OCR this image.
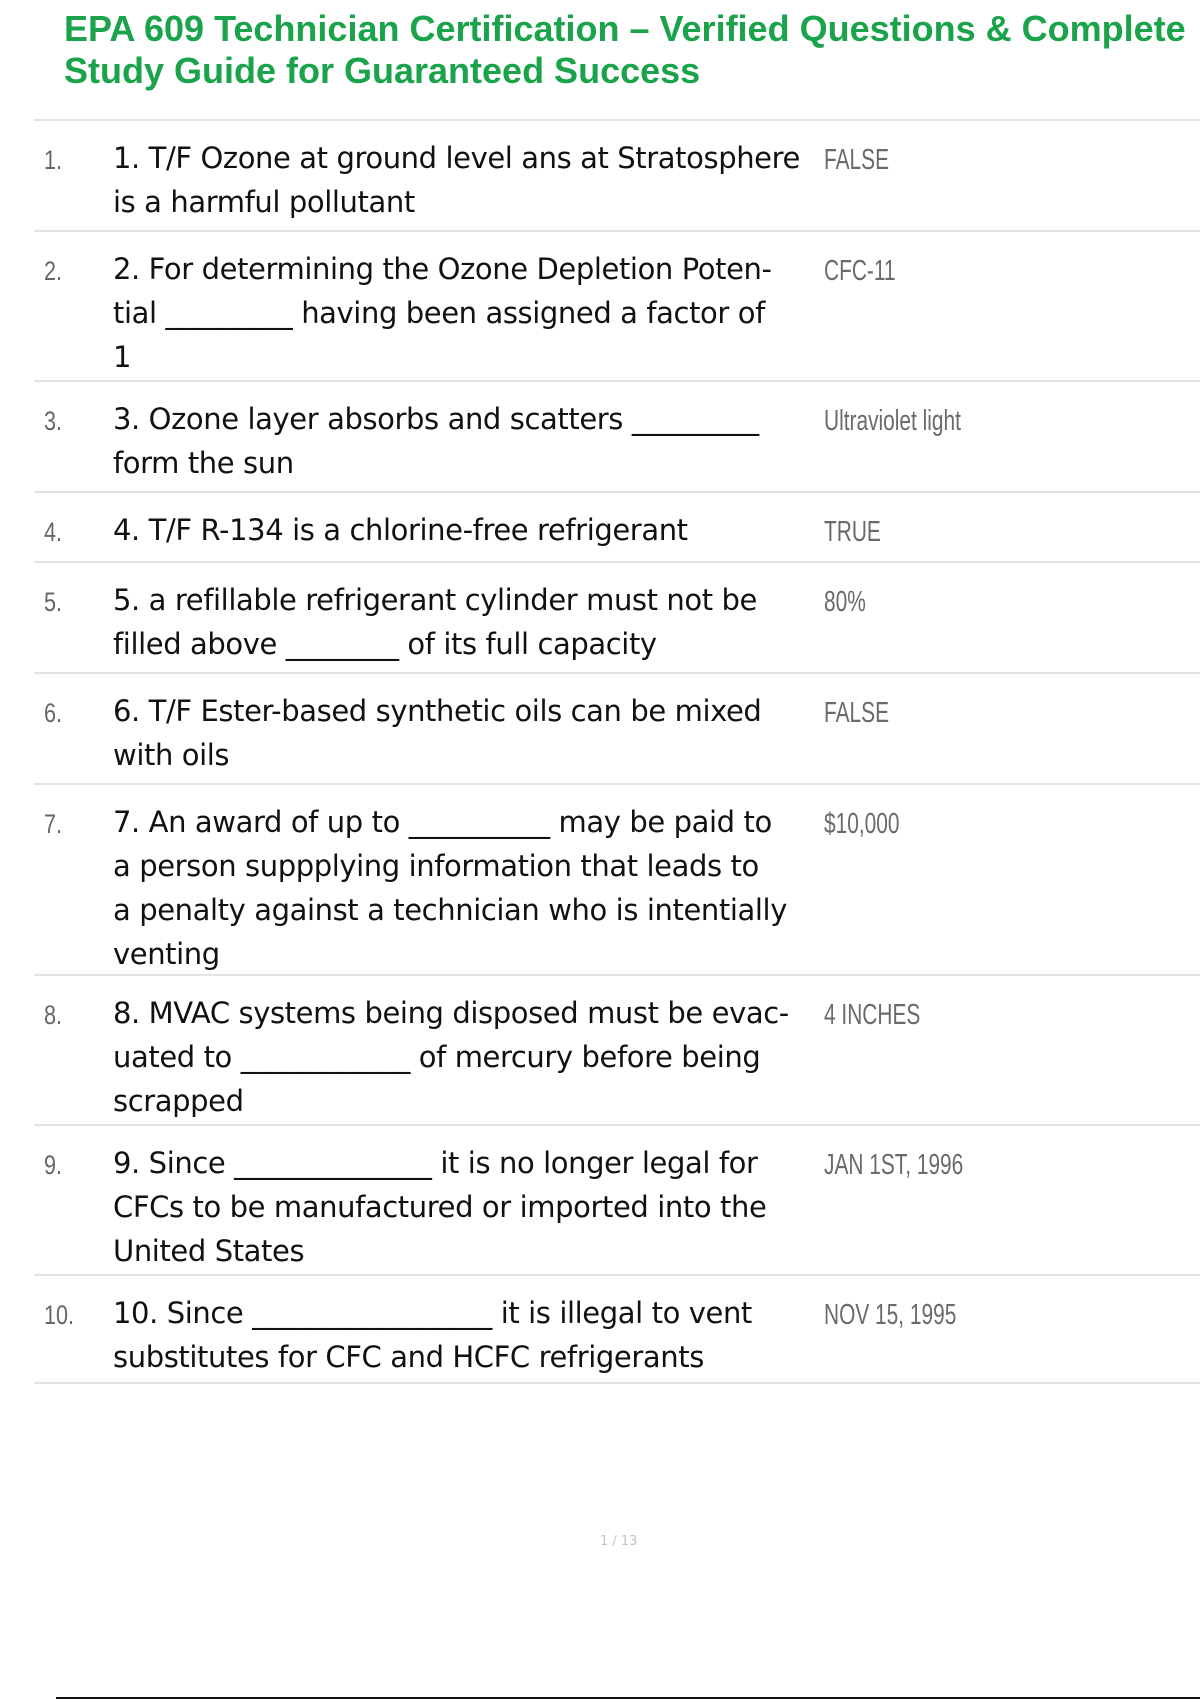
EPA 609 Technician Certification – Verified Questions & Complete
Study Guide for Guaranteed Success
1. 1. T/F Ozone at ground level ans at Stratosphere
is a harmful pollutant
FALSE
2. 2. For determining the Ozone Depletion Poten-
tial _________ having been assigned a factor of
1
CFC-11
3. 3. Ozone layer absorbs and scatters _________
form the sun
Ultraviolet light
4. 4. T/F R-134 is a chlorine-free refrigerant	TRUE
5. 5. a refillable refrigerant cylinder must not be
filled above ________ of its full capacity
80%
6. 6. T/F Ester-based synthetic oils can be mixed
with oils
FALSE
7. 7. An award of up to __________ may be paid to
a person suppplying information that leads to
a penalty against a technician who is intentially
venting
$10,000
8. 8. MVAC systems being disposed must be evac-
uated to ____________ of mercury before being
scrapped
4 INCHES
9. 9. Since ______________ it is no longer legal for
CFCs to be manufactured or imported into the
United States
JAN 1ST, 1996
10. 10. Since _________________ it is illegal to vent
substitutes for CFC and HCFC refrigerants
NOV 15, 1995
1 / 13
